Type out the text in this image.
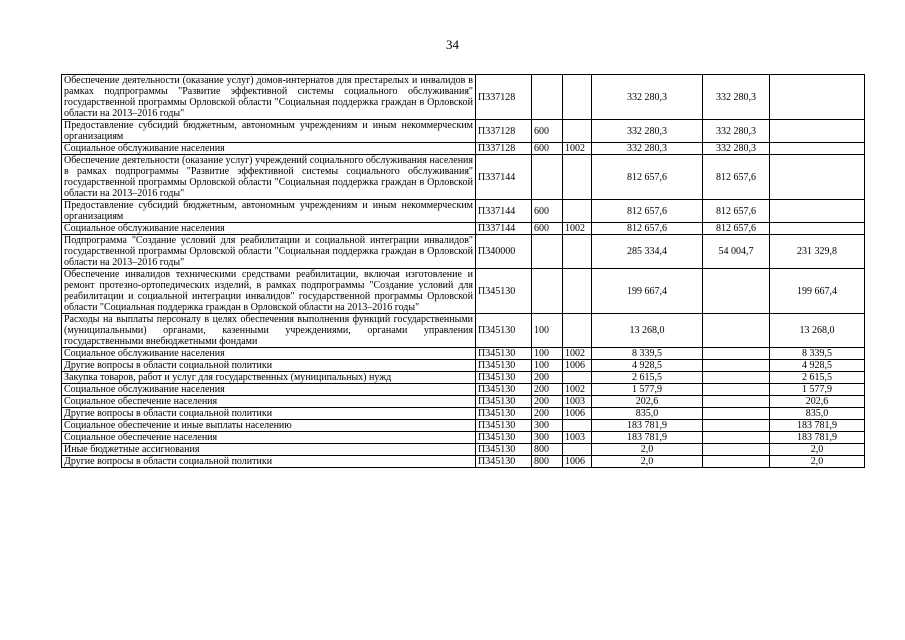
34
Обеспечение деятельности (оказание услуг) домов-интернатов для престарелых и инвалидов в рамках подпрограммы "Развитие эффективной системы социального обслуживания" государственной программы Орловской области "Социальная поддержка граждан в Орловской области на 2013–2016 годы"	П337128			332 280,3	332 280,3	
Предоставление субсидий бюджетным, автономным учреждениям и иным некоммерческим организациям	П337128	600		332 280,3	332 280,3	
Социальное обслуживание населения	П337128	600	1002	332 280,3	332 280,3	
Обеспечение деятельности (оказание услуг) учреждений социального обслуживания населения в рамках подпрограммы "Развитие эффективной системы социального обслуживания" государственной программы Орловской области "Социальная поддержка граждан в Орловской области на 2013–2016 годы"	П337144			812 657,6	812 657,6	
Предоставление субсидий бюджетным, автономным учреждениям и иным некоммерческим организациям	П337144	600		812 657,6	812 657,6	
Социальное обслуживание населения	П337144	600	1002	812 657,6	812 657,6	
Подпрограмма "Создание условий для реабилитации и социальной интеграции инвалидов" государственной программы Орловской области "Социальная поддержка граждан в Орловской области на 2013–2016 годы"	П340000			285 334,4	54 004,7	231 329,8
Обеспечение инвалидов техническими средствами реабилитации, включая изготовление и ремонт протезно-ортопедических изделий, в рамках подпрограммы "Создание условий для реабилитации и социальной интеграции инвалидов" государственной программы Орловской области "Социальная поддержка граждан в Орловской области на 2013–2016 годы"	П345130			199 667,4		199 667,4
Расходы на выплаты персоналу в целях обеспечения выполнения функций государственными (муниципальными) органами, казенными учреждениями, органами управления государственными внебюджетными фондами	П345130	100		13 268,0		13 268,0
Социальное обслуживание населения	П345130	100	1002	8 339,5		8 339,5
Другие вопросы в области социальной политики	П345130	100	1006	4 928,5		4 928,5
Закупка товаров, работ и услуг для государственных (муниципальных) нужд	П345130	200		2 615,5		2 615,5
Социальное обслуживание населения	П345130	200	1002	1 577,9		1 577,9
Социальное обеспечение населения	П345130	200	1003	202,6		202,6
Другие вопросы в области социальной политики	П345130	200	1006	835,0		835,0
Социальное обеспечение и иные выплаты населению	П345130	300		183 781,9		183 781,9
Социальное обеспечение населения	П345130	300	1003	183 781,9		183 781,9
Иные бюджетные ассигнования	П345130	800		2,0		2,0
Другие вопросы в области социальной политики	П345130	800	1006	2,0		2,0
